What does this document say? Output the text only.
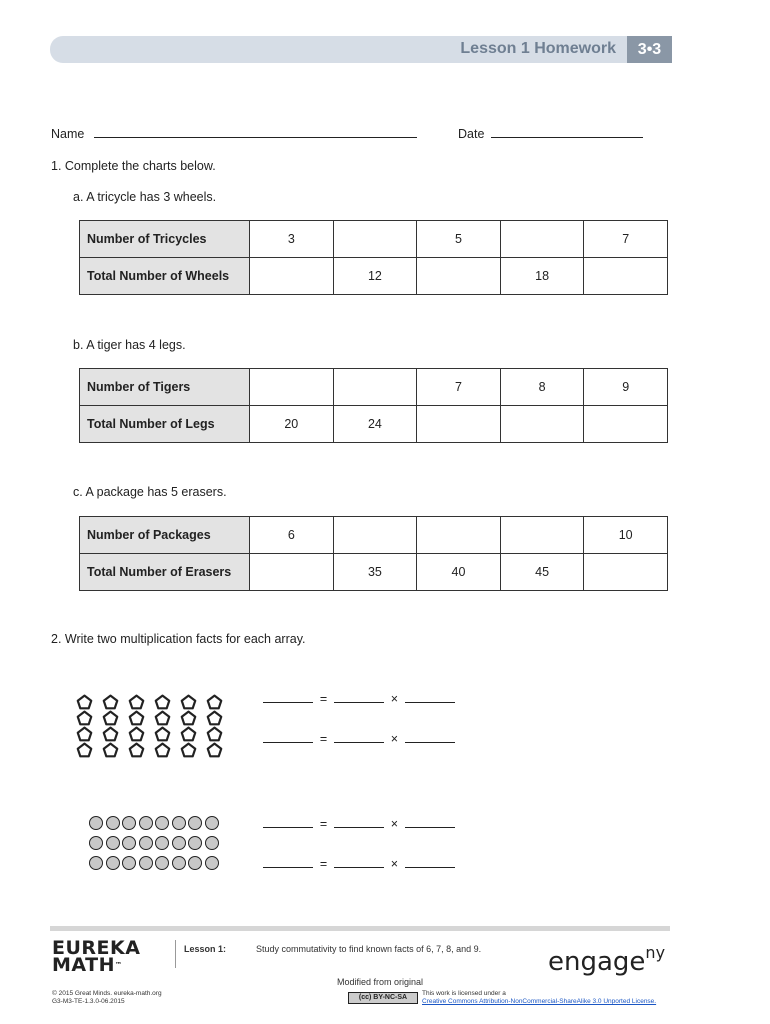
Lesson 1 Homework	3•3
Name	Date
1. Complete the charts below.
a. A tricycle has 3 wheels.
Number of Tricycles	3		5		7
Total Number of Wheels		12		18	
b. A tiger has 4 legs.
Number of Tigers			7	8	9
Total Number of Legs	20	24			
c. A package has 5 erasers.
Number of Packages	6				10
Total Number of Erasers		35	40	45	
2. Write two multiplication facts for each array.
=	×
=	×
=	×
=	×
EUREKA
MATH™
Lesson 1:	Study commutativity to find known facts of 6, 7, 8, and 9.	engage$^{ny}$
Modified from original
© 2015 Great Minds. eureka-math.org
G3-M3-TE-1.3.0-06.2015
(cc) BY-NC-SA
This work is licensed under a
Creative Commons Attribution-NonCommercial-ShareAlike 3.0 Unported License.
